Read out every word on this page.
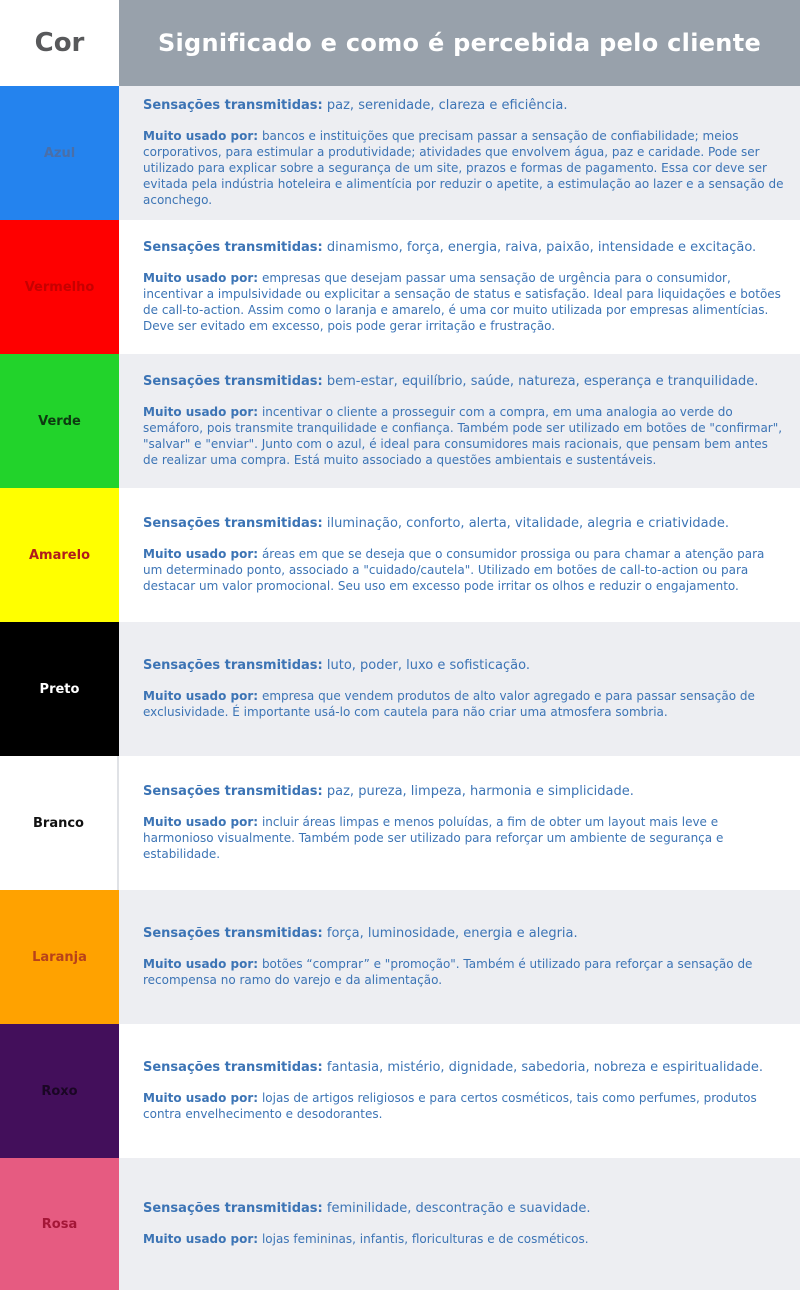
Cor	Significado e como é percebida pelo cliente
Azul
Sensações transmitidas: paz, serenidade, clareza e eficiência.
Muito usado por: bancos e instituições que precisam passar a sensação de confiabilidade; meios corporativos, para estimular a produtividade; atividades que envolvem água, paz e caridade. Pode ser utilizado para explicar sobre a segurança de um site, prazos e formas de pagamento. Essa cor deve ser evitada pela indústria hoteleira e alimentícia por reduzir o apetite, a estimulação ao lazer e a sensação de aconchego.
Vermelho
Sensações transmitidas: dinamismo, força, energia, raiva, paixão, intensidade e excitação.
Muito usado por: empresas que desejam passar uma sensação de urgência para o consumidor, incentivar a impulsividade ou explicitar a sensação de status e satisfação. Ideal para liquidações e botões de call-to-action. Assim como o laranja e amarelo, é uma cor muito utilizada por empresas alimentícias. Deve ser evitado em excesso, pois pode gerar irritação e frustração.
Verde
Sensações transmitidas: bem-estar, equilíbrio, saúde, natureza, esperança e tranquilidade.
Muito usado por: incentivar o cliente a prosseguir com a compra, em uma analogia ao verde do semáforo, pois transmite tranquilidade e confiança. Também pode ser utilizado em botões de "confirmar", "salvar" e "enviar". Junto com o azul, é ideal para consumidores mais racionais, que pensam bem antes de realizar uma compra. Está muito associado a questões ambientais e sustentáveis.
Amarelo
Sensações transmitidas: iluminação, conforto, alerta, vitalidade, alegria e criatividade.
Muito usado por: áreas em que se deseja que o consumidor prossiga ou para chamar a atenção para um determinado ponto, associado a "cuidado/cautela". Utilizado em botões de call-to-action ou para destacar um valor promocional. Seu uso em excesso pode irritar os olhos e reduzir o engajamento.
Preto
Sensações transmitidas: luto, poder, luxo e sofisticação.
Muito usado por: empresa que vendem produtos de alto valor agregado e para passar sensação de exclusividade. É importante usá-lo com cautela para não criar uma atmosfera sombria.
Branco
Sensações transmitidas: paz, pureza, limpeza, harmonia e simplicidade.
Muito usado por: incluir áreas limpas e menos poluídas, a fim de obter um layout mais leve e harmonioso visualmente. Também pode ser utilizado para reforçar um ambiente de segurança e estabilidade.
Laranja
Sensações transmitidas: força, luminosidade, energia e alegria.
Muito usado por: botões “comprar” e "promoção". Também é utilizado para reforçar a sensação de recompensa no ramo do varejo e da alimentação.
Roxo
Sensações transmitidas: fantasia, mistério, dignidade, sabedoria, nobreza e espiritualidade.
Muito usado por: lojas de artigos religiosos e para certos cosméticos, tais como perfumes, produtos contra envelhecimento e desodorantes.
Rosa
Sensações transmitidas: feminilidade, descontração e suavidade.
Muito usado por: lojas femininas, infantis, floriculturas e de cosméticos.
